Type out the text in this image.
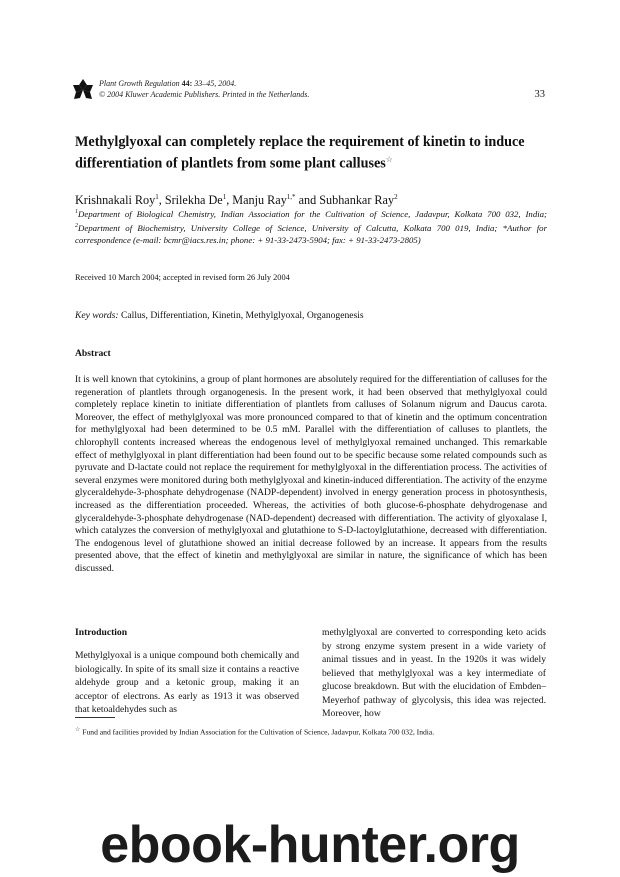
Plant Growth Regulation 44: 33–45, 2004.
© 2004 Kluwer Academic Publishers. Printed in the Netherlands.	33
Methylglyoxal can completely replace the requirement of kinetin to induce differentiation of plantlets from some plant calluses☆
Krishnakali Roy$^1$, Srilekha De$^1$, Manju Ray$^{1,*}$ and Subhankar Ray$^2$
$^1$Department of Biological Chemistry, Indian Association for the Cultivation of Science, Jadavpur, Kolkata 700 032, India; $^2$Department of Biochemistry, University College of Science, University of Calcutta, Kolkata 700 019, India; *Author for correspondence (e-mail: bcmr@iacs.res.in; phone: + 91-33-2473-5904; fax: + 91-33-2473-2805)
Received 10 March 2004; accepted in revised form 26 July 2004
Key words: Callus, Differentiation, Kinetin, Methylglyoxal, Organogenesis
Abstract

It is well known that cytokinins, a group of plant hormones are absolutely required for the differentiation of calluses for the regeneration of plantlets through organogenesis. In the present work, it had been observed that methylglyoxal could completely replace kinetin to initiate differentiation of plantlets from calluses of Solanum nigrum and Daucus carota. Moreover, the effect of methylglyoxal was more pronounced compared to that of kinetin and the optimum concentration for methylglyoxal had been determined to be 0.5 mM. Parallel with the differentiation of calluses to plantlets, the chlorophyll contents increased whereas the endogenous level of methylglyoxal remained unchanged. This remarkable effect of methylglyoxal in plant differentiation had been found out to be specific because some related compounds such as pyruvate and D-lactate could not replace the requirement for methylglyoxal in the differentiation process. The activities of several enzymes were monitored during both methylglyoxal and kinetin-induced differentiation. The activity of the enzyme glyceraldehyde-3-phosphate dehydrogenase (NADP-dependent) involved in energy generation process in photosynthesis, increased as the differentiation proceeded. Whereas, the activities of both glucose-6-phosphate dehydrogenase and glyceraldehyde-3-phosphate dehydrogenase (NAD-dependent) decreased with differentiation. The activity of glyoxalase I, which catalyzes the conversion of methylglyoxal and glutathione to S-D-lactoylglutathione, decreased with differentiation. The endogenous level of glutathione showed an initial decrease followed by an increase. It appears from the results presented above, that the effect of kinetin and methylglyoxal are similar in nature, the significance of which has been discussed.

Introduction

Methylglyoxal is a unique compound both chemically and biologically. In spite of its small size it contains a reactive aldehyde group and a ketonic group, making it an acceptor of electrons. As early as 1913 it was observed that ketoaldehydes such as

methylglyoxal are converted to corresponding keto acids by strong enzyme system present in a wide variety of animal tissues and in yeast. In the 1920s it was widely believed that methylglyoxal was a key intermediate of glucose breakdown. But with the elucidation of Embden–Meyerhof pathway of glycolysis, this idea was rejected. Moreover, how

☆ Fund and facilities provided by Indian Association for the Cultivation of Science, Jadavpur, Kolkata 700 032, India.
ebook-hunter.org
